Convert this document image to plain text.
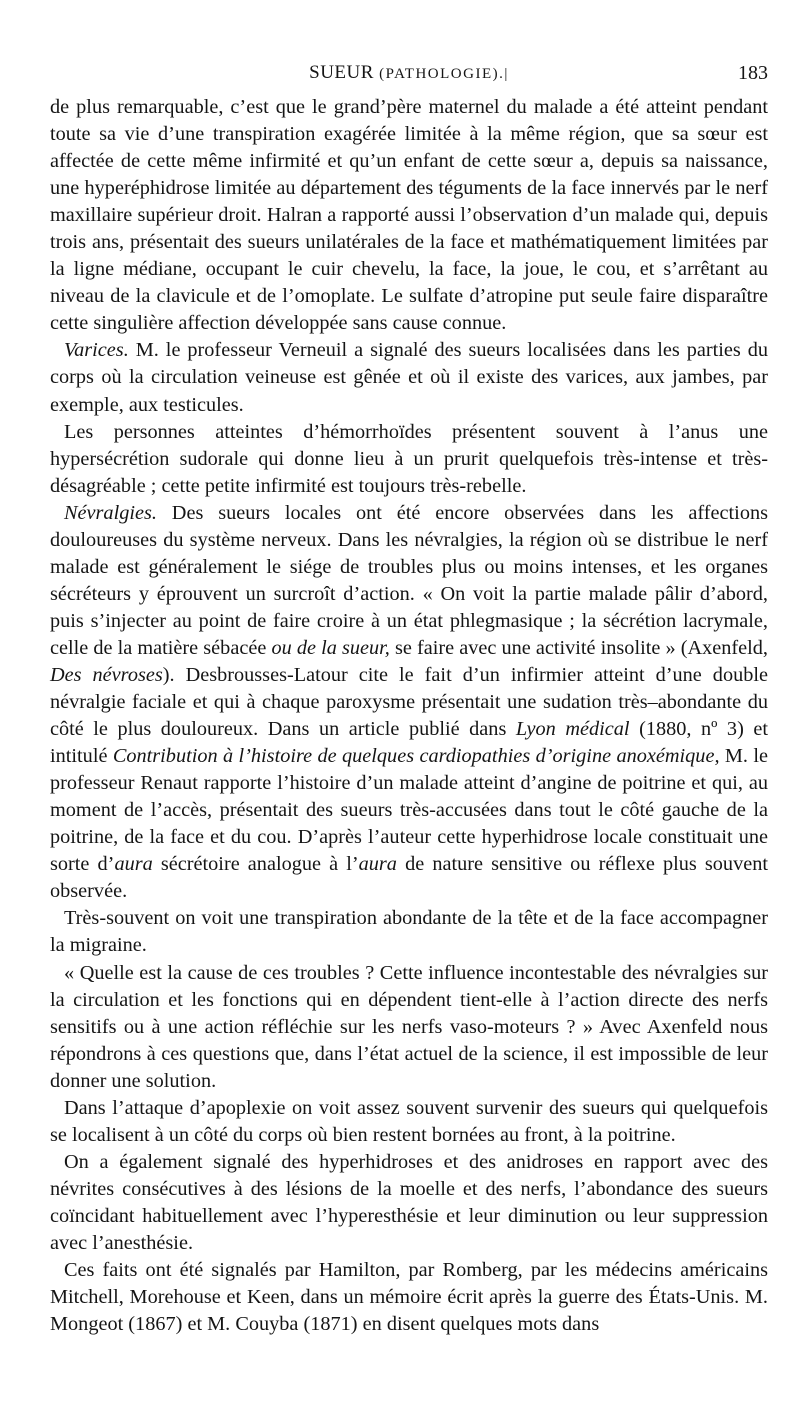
SUEUR (PATHOLOGIE).|	183

de plus remarquable, c’est que le grand’père maternel du malade a été atteint pendant toute sa vie d’une transpiration exagérée limitée à la même région, que sa sœur est affectée de cette même infirmité et qu’un enfant de cette sœur a, depuis sa naissance, une hyperéphidrose limitée au département des téguments de la face innervés par le nerf maxillaire supérieur droit. Halran a rapporté aussi l’observation d’un malade qui, depuis trois ans, présentait des sueurs unilatérales de la face et mathématiquement limitées par la ligne médiane, occupant le cuir chevelu, la face, la joue, le cou, et s’arrêtant au niveau de la clavicule et de l’omoplate. Le sulfate d’atropine put seule faire disparaître cette singulière affection développée sans cause connue.

Varices. M. le professeur Verneuil a signalé des sueurs localisées dans les parties du corps où la circulation veineuse est gênée et où il existe des varices, aux jambes, par exemple, aux testicules.

Les personnes atteintes d’hémorrhoïdes présentent souvent à l’anus une hypersécrétion sudorale qui donne lieu à un prurit quelquefois très-intense et très-désagréable ; cette petite infirmité est toujours très-rebelle.

Névralgies. Des sueurs locales ont été encore observées dans les affections douloureuses du système nerveux. Dans les névralgies, la région où se distribue le nerf malade est généralement le siége de troubles plus ou moins intenses, et les organes sécréteurs y éprouvent un surcroît d’action. « On voit la partie malade pâlir d’abord, puis s’injecter au point de faire croire à un état phlegmasique ; la sécrétion lacrymale, celle de la matière sébacée ou de la sueur, se faire avec une activité insolite » (Axenfeld, Des névroses). Desbrousses-Latour cite le fait d’un infirmier atteint d’une double névralgie faciale et qui à chaque paroxysme présentait une sudation très–abondante du côté le plus douloureux. Dans un article publié dans Lyon médical (1880, nº 3) et intitulé Contribution à l’histoire de quelques cardiopathies d’origine anoxémique, M. le professeur Renaut rapporte l’histoire d’un malade atteint d’angine de poitrine et qui, au moment de l’accès, présentait des sueurs très-accusées dans tout le côté gauche de la poitrine, de la face et du cou. D’après l’auteur cette hyperhidrose locale constituait une sorte d’aura sécrétoire analogue à l’aura de nature sensitive ou réflexe plus souvent observée.

Très-souvent on voit une transpiration abondante de la tête et de la face accompagner la migraine.

« Quelle est la cause de ces troubles ? Cette influence incontestable des névralgies sur la circulation et les fonctions qui en dépendent tient-elle à l’action directe des nerfs sensitifs ou à une action réfléchie sur les nerfs vaso-moteurs ? » Avec Axenfeld nous répondrons à ces questions que, dans l’état actuel de la science, il est impossible de leur donner une solution.

Dans l’attaque d’apoplexie on voit assez souvent survenir des sueurs qui quelquefois se localisent à un côté du corps où bien restent bornées au front, à la poitrine.

On a également signalé des hyperhidroses et des anidroses en rapport avec des névrites consécutives à des lésions de la moelle et des nerfs, l’abondance des sueurs coïncidant habituellement avec l’hyperesthésie et leur diminution ou leur suppression avec l’anesthésie.

Ces faits ont été signalés par Hamilton, par Romberg, par les médecins américains Mitchell, Morehouse et Keen, dans un mémoire écrit après la guerre des États-Unis. M. Mongeot (1867) et M. Couyba (1871) en disent quelques mots dans
